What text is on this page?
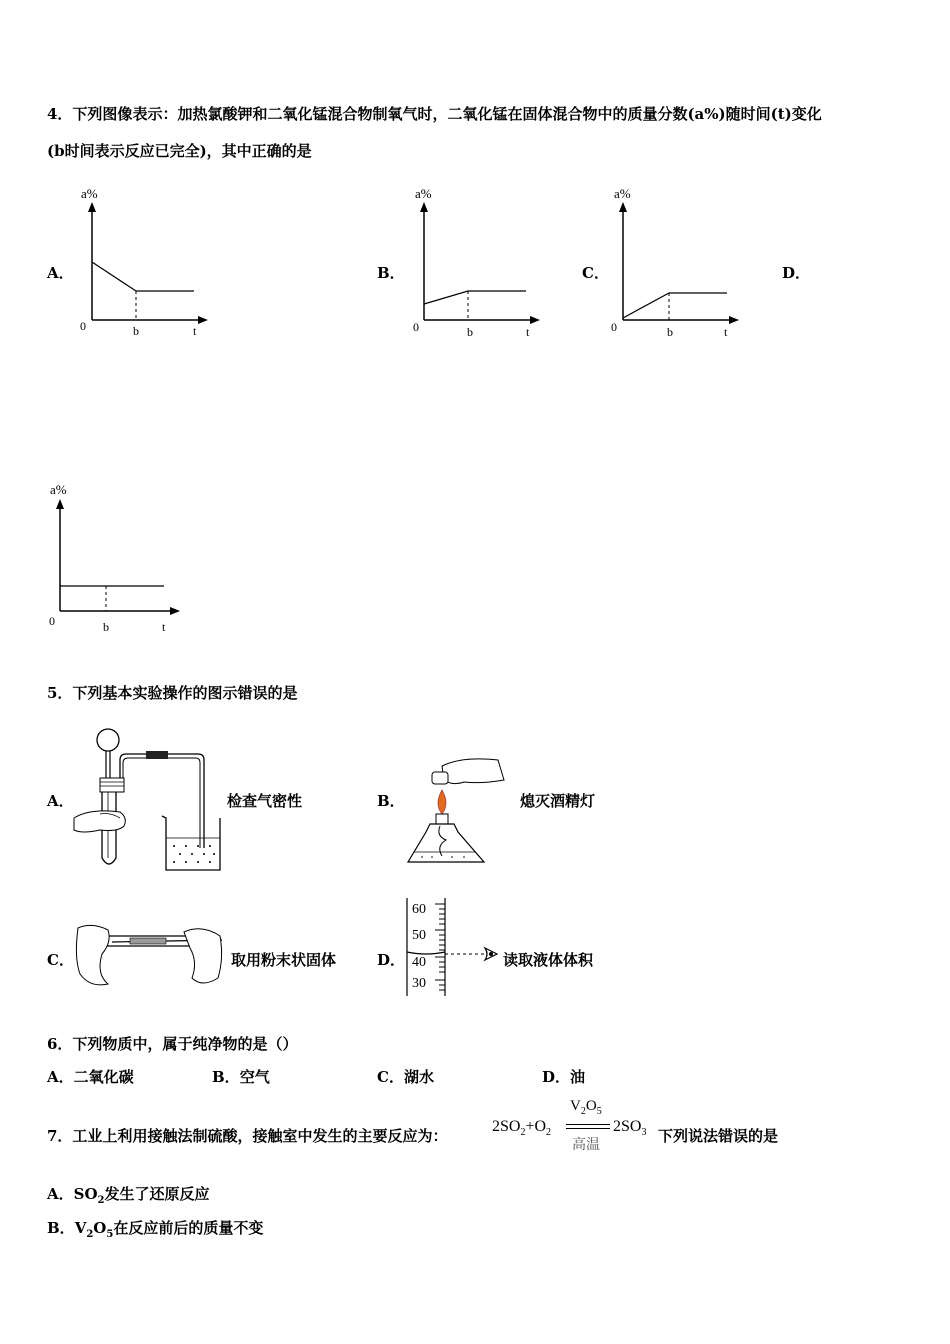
4．下列图像表示：加热氯酸钾和二氧化锰混合物制氧气时，二氧化锰在固体混合物中的质量分数(a%)随时间(t)变化
(b时间表示反应已完全)，其中正确的是
A．	B．	C．	D．
a%
0	b	t
a%
0	b	t
a%
0	b	t
a%
0	b	t
5．下列基本实验操作的图示错误的是
A．	检查气密性	B．	熄灭酒精灯
C．	取用粉末状固体	D．
60
50
40
30
读取液体体积
6．下列物质中，属于纯净物的是（）
A．二氧化碳	B．空气	C．湖水	D．油
7．工业上利用接触法制硫酸，接触室中发生的主要反应为：
$2SO_2+O_2$
$V_2O_5$
高温
$2SO_3$ 下列说法错误的是
A．$SO_2$发生了还原反应
B．$V_2O_5$在反应前后的质量不变
